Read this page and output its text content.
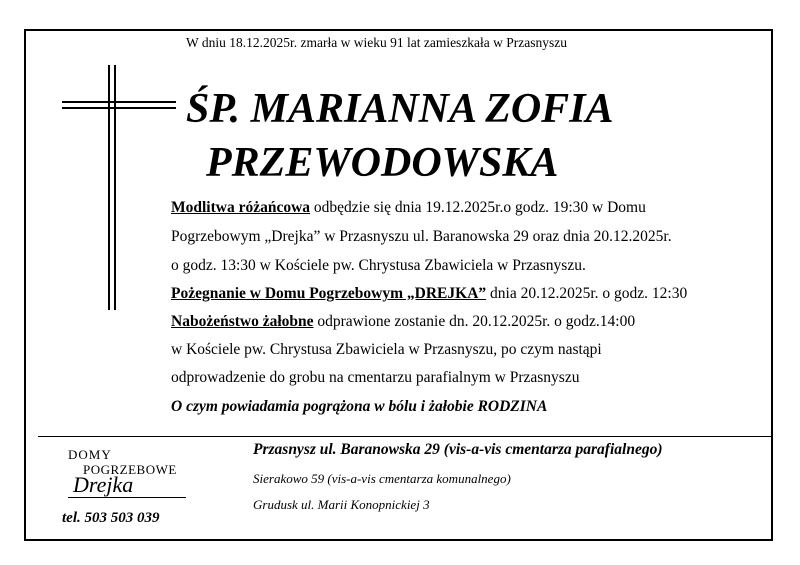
W dniu 18.12.2025r. zmarła w wieku 91 lat zamieszkała w Przasnyszu
ŚP. MARIANNA ZOFIA
PRZEWODOWSKA
Modlitwa różańcowa odbędzie się dnia 19.12.2025r.o godz. 19:30 w Domu
Pogrzebowym „Drejka” w Przasnyszu ul. Baranowska 29 oraz dnia 20.12.2025r.
o godz. 13:30 w Kościele pw. Chrystusa Zbawiciela w Przasnyszu.
Pożegnanie w Domu Pogrzebowym „DREJKA” dnia 20.12.2025r. o godz. 12:30
Nabożeństwo żałobne odprawione zostanie dn. 20.12.2025r. o godz.14:00
w Kościele pw. Chrystusa Zbawiciela w Przasnyszu, po czym nastąpi
odprowadzenie do grobu na cmentarzu parafialnym w Przasnyszu
O czym powiadamia pogrążona w bólu i żałobie RODZINA
DOMY
POGRZEBOWE
Drejka
tel. 503 503 039
Przasnysz ul. Baranowska 29 (vis-a-vis cmentarza parafialnego)
Sierakowo 59 (vis-a-vis cmentarza komunalnego)
Grudusk ul. Marii Konopnickiej 3
